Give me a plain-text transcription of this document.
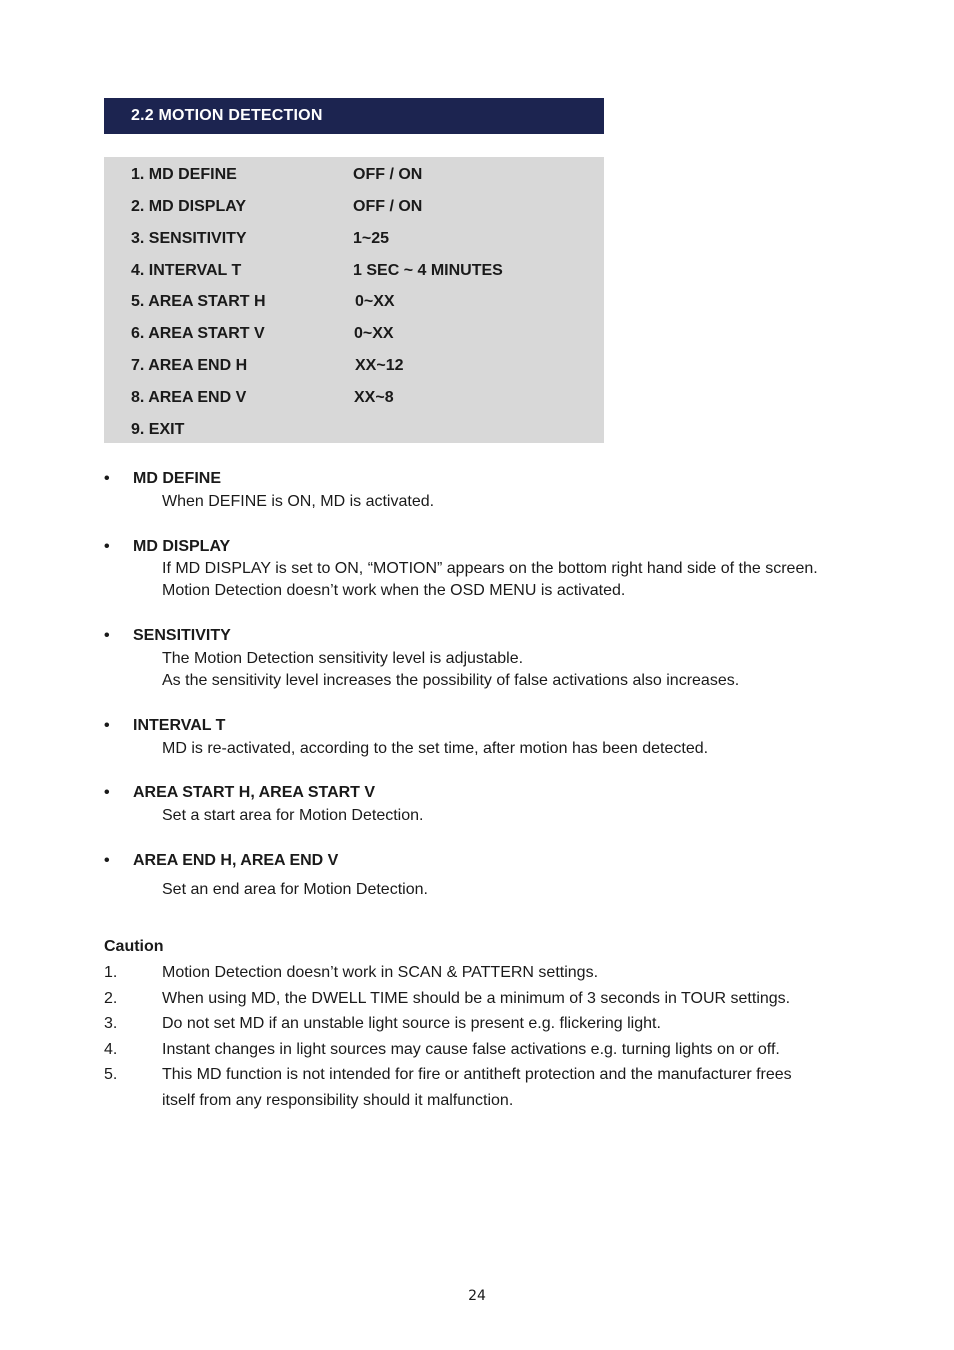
2.2 MOTION DETECTION
1. MD DEFINE	OFF / ON
2. MD DISPLAY	OFF / ON
3. SENSITIVITY	1~25
4. INTERVAL T	1 SEC ~ 4 MINUTES
5. AREA START H	0~XX
6. AREA START V	0~XX
7. AREA END H	XX~12
8. AREA END V	XX~8
9. EXIT
• MD DEFINE
When DEFINE is ON, MD is activated.
• MD DISPLAY
If MD DISPLAY is set to ON, “MOTION” appears on the bottom right hand side of the screen.
Motion Detection doesn’t work when the OSD MENU is activated.
• SENSITIVITY
The Motion Detection sensitivity level is adjustable.
As the sensitivity level increases the possibility of false activations also increases.
• INTERVAL T
MD is re-activated, according to the set time, after motion has been detected.
• AREA START H, AREA START V
Set a start area for Motion Detection.
• AREA END H, AREA END V
Set an end area for Motion Detection.
Caution
1.	Motion Detection doesn’t work in SCAN & PATTERN settings.
2.	When using MD, the DWELL TIME should be a minimum of 3 seconds in TOUR settings.
3.	Do not set MD if an unstable light source is present e.g. flickering light.
4.	Instant changes in light sources may cause false activations e.g. turning lights on or off.
5.	This MD function is not intended for fire or antitheft protection and the manufacturer frees
itself from any responsibility should it malfunction.
24
